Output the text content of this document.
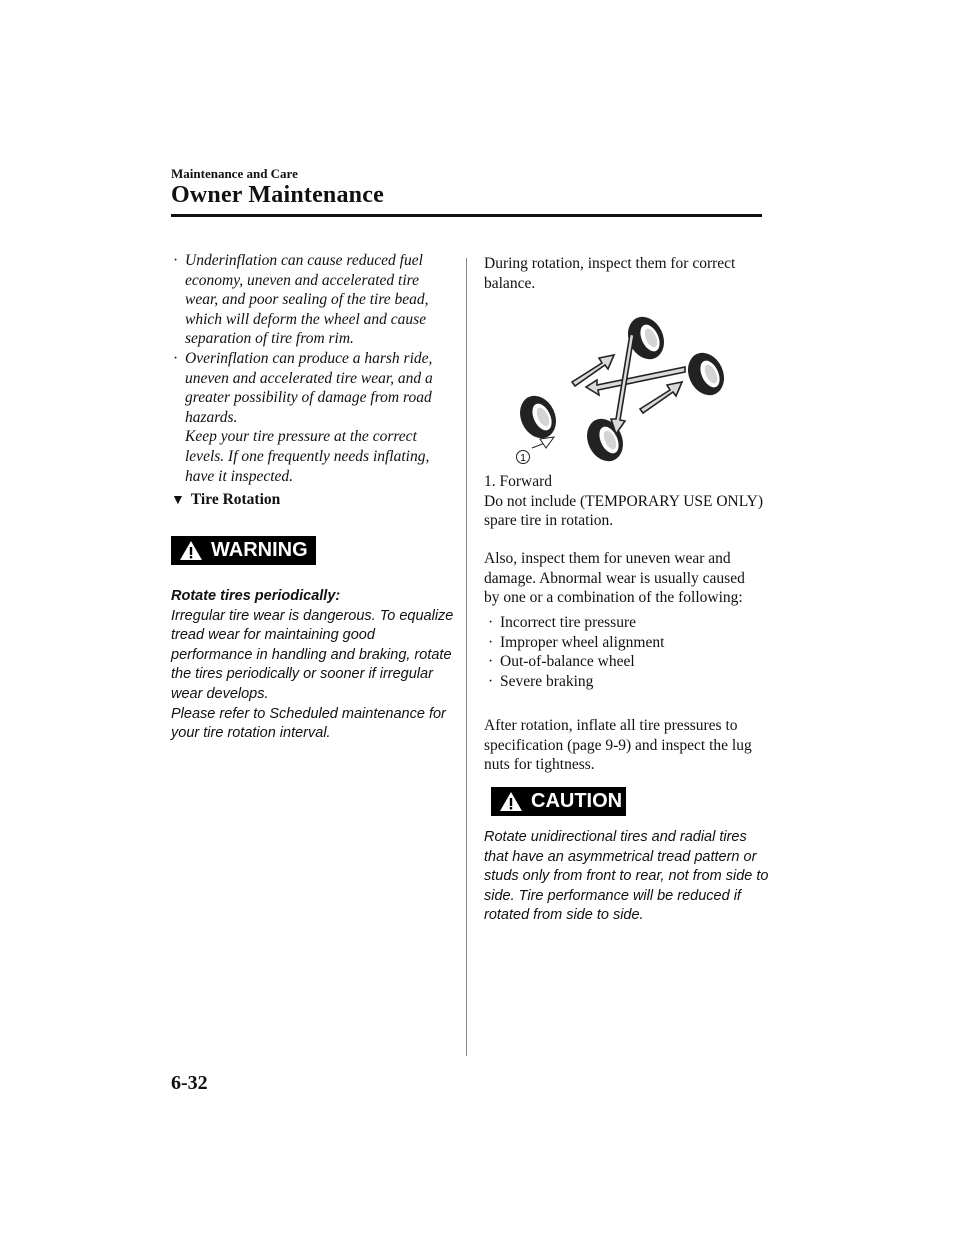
Maintenance and Care
Owner Maintenance
· Underinflation can cause reduced fuel economy, uneven and accelerated tire wear, and poor sealing of the tire bead, which will deform the wheel and cause separation of tire from rim.

· Overinflation can produce a harsh ride, uneven and accelerated tire wear, and a greater possibility of damage from road hazards.

Keep your tire pressure at the correct levels. If one frequently needs inflating, have it inspected.

▼ Tire Rotation
WARNING
Rotate tires periodically:
Irregular tire wear is dangerous. To equalize tread wear for maintaining good performance in handling and braking, rotate the tires periodically or sooner if irregular wear develops.
Please refer to Scheduled maintenance for your tire rotation interval.

During rotation, inspect them for correct balance.

1

1. Forward

Do not include (TEMPORARY USE ONLY) spare tire in rotation.

Also, inspect them for uneven wear and damage. Abnormal wear is usually caused by one or a combination of the following:

· Incorrect tire pressure
· Improper wheel alignment
· Out-of-balance wheel
· Severe braking

After rotation, inflate all tire pressures to specification (page 9-9) and inspect the lug nuts for tightness.

CAUTION
Rotate unidirectional tires and radial tires that have an asymmetrical tread pattern or studs only from front to rear, not from side to side. Tire performance will be reduced if rotated from side to side.
6-32
